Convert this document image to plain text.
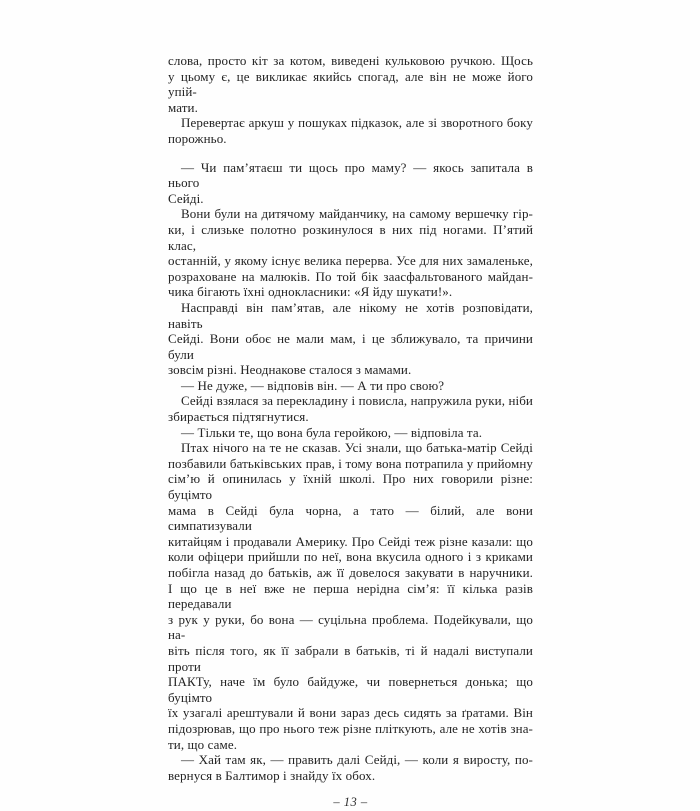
слова, просто кіт за котом, виведені кульковою ручкою. Щось
у цьому є, це викликає якийсь спогад, але він не може його упій-
мати.
Перевертає аркуш у пошуках підказок, але зі зворотного боку
порожньо.
— Чи пам’ятаєш ти щось про маму? — якось запитала в нього
Сейді.
Вони були на дитячому майданчику, на самому вершечку гір-
ки, і слизьке полотно розкинулося в них під ногами. П’ятий клас,
останній, у якому існує велика перерва. Усе для них замаленьке,
розраховане на малюків. По той бік заасфальтованого майдан-
чика бігають їхні однокласники: «Я йду шукати!».
Насправді він пам’ятав, але нікому не хотів розповідати, навіть
Сейді. Вони обоє не мали мам, і це зближувало, та причини були
зовсім різні. Неоднакове сталося з мамами.
— Не дуже, — відповів він. — А ти про свою?
Сейді взялася за перекладину і повисла, напружила руки, ніби
збирається підтягнутися.
— Тільки те, що вона була геройкою, — відповіла та.
Птах нічого на те не сказав. Усі знали, що батька-матір Сейді
позбавили батьківських прав, і тому вона потрапила у прийомну
сім’ю й опинилась у їхній школі. Про них говорили різне: буцімто
мама в Сейді була чорна, а тато — білий, але вони симпатизували
китайцям і продавали Америку. Про Сейді теж різне казали: що
коли офіцери прийшли по неї, вона вкусила одного і з криками
побігла назад до батьків, аж її довелося закувати в наручники.
І що це в неї вже не перша нерідна сім’я: її кілька разів передавали
з рук у руки, бо вона — суцільна проблема. Подейкували, що на-
віть після того, як її забрали в батьків, ті й надалі виступали проти
ПАКТу, наче їм було байдуже, чи повернеться донька; що буцімто
їх узагалі арештували й вони зараз десь сидять за ґратами. Він
підозрював, що про нього теж різне пліткують, але не хотів зна-
ти, що саме.
— Хай там як, — править далі Сейді, — коли я виросту, по-
вернуся в Балтимор і знайду їх обох.
– 13 –
